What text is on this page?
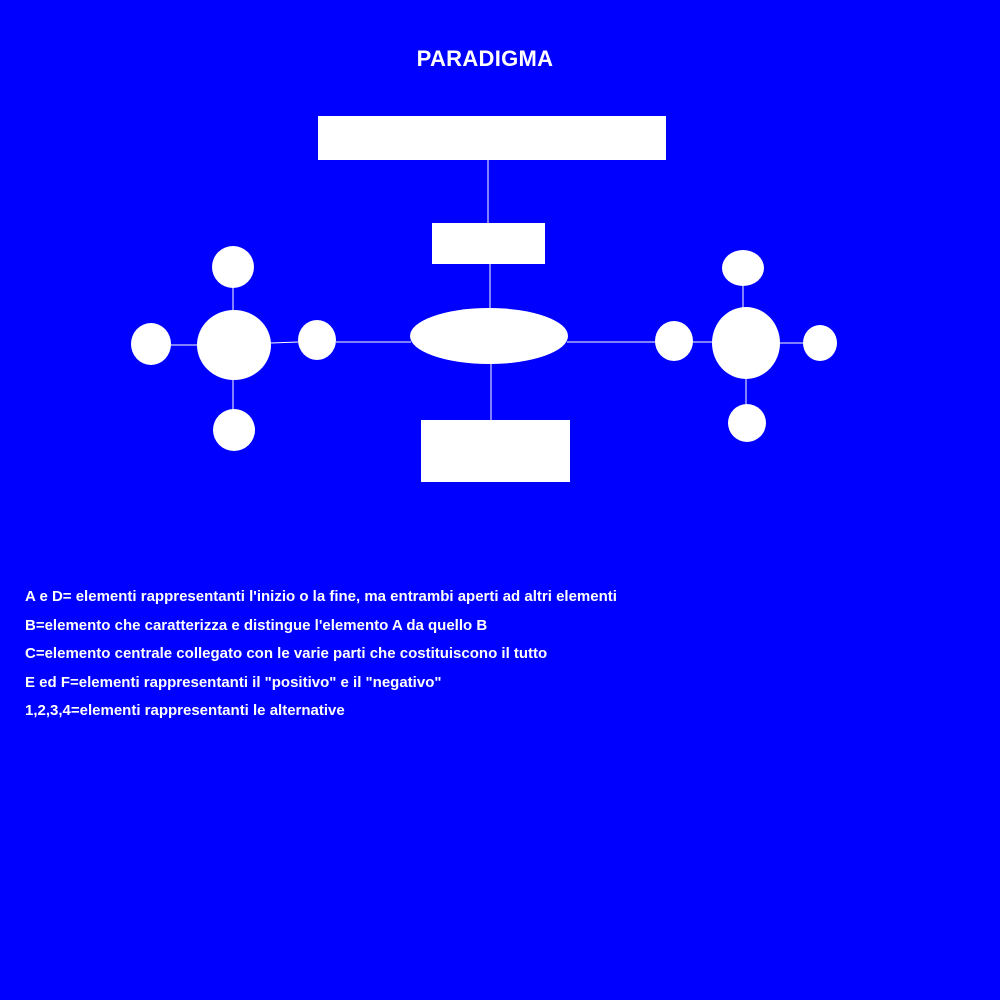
PARADIGMA
A e D= elementi rappresentanti l'inizio o la fine, ma entrambi aperti ad altri elementi
B=elemento che caratterizza e distingue l'elemento A da quello B
C=elemento centrale collegato con le varie parti che costituiscono il tutto
E ed F=elementi rappresentanti il "positivo" e il "negativo"
1,2,3,4=elementi rappresentanti le alternative
